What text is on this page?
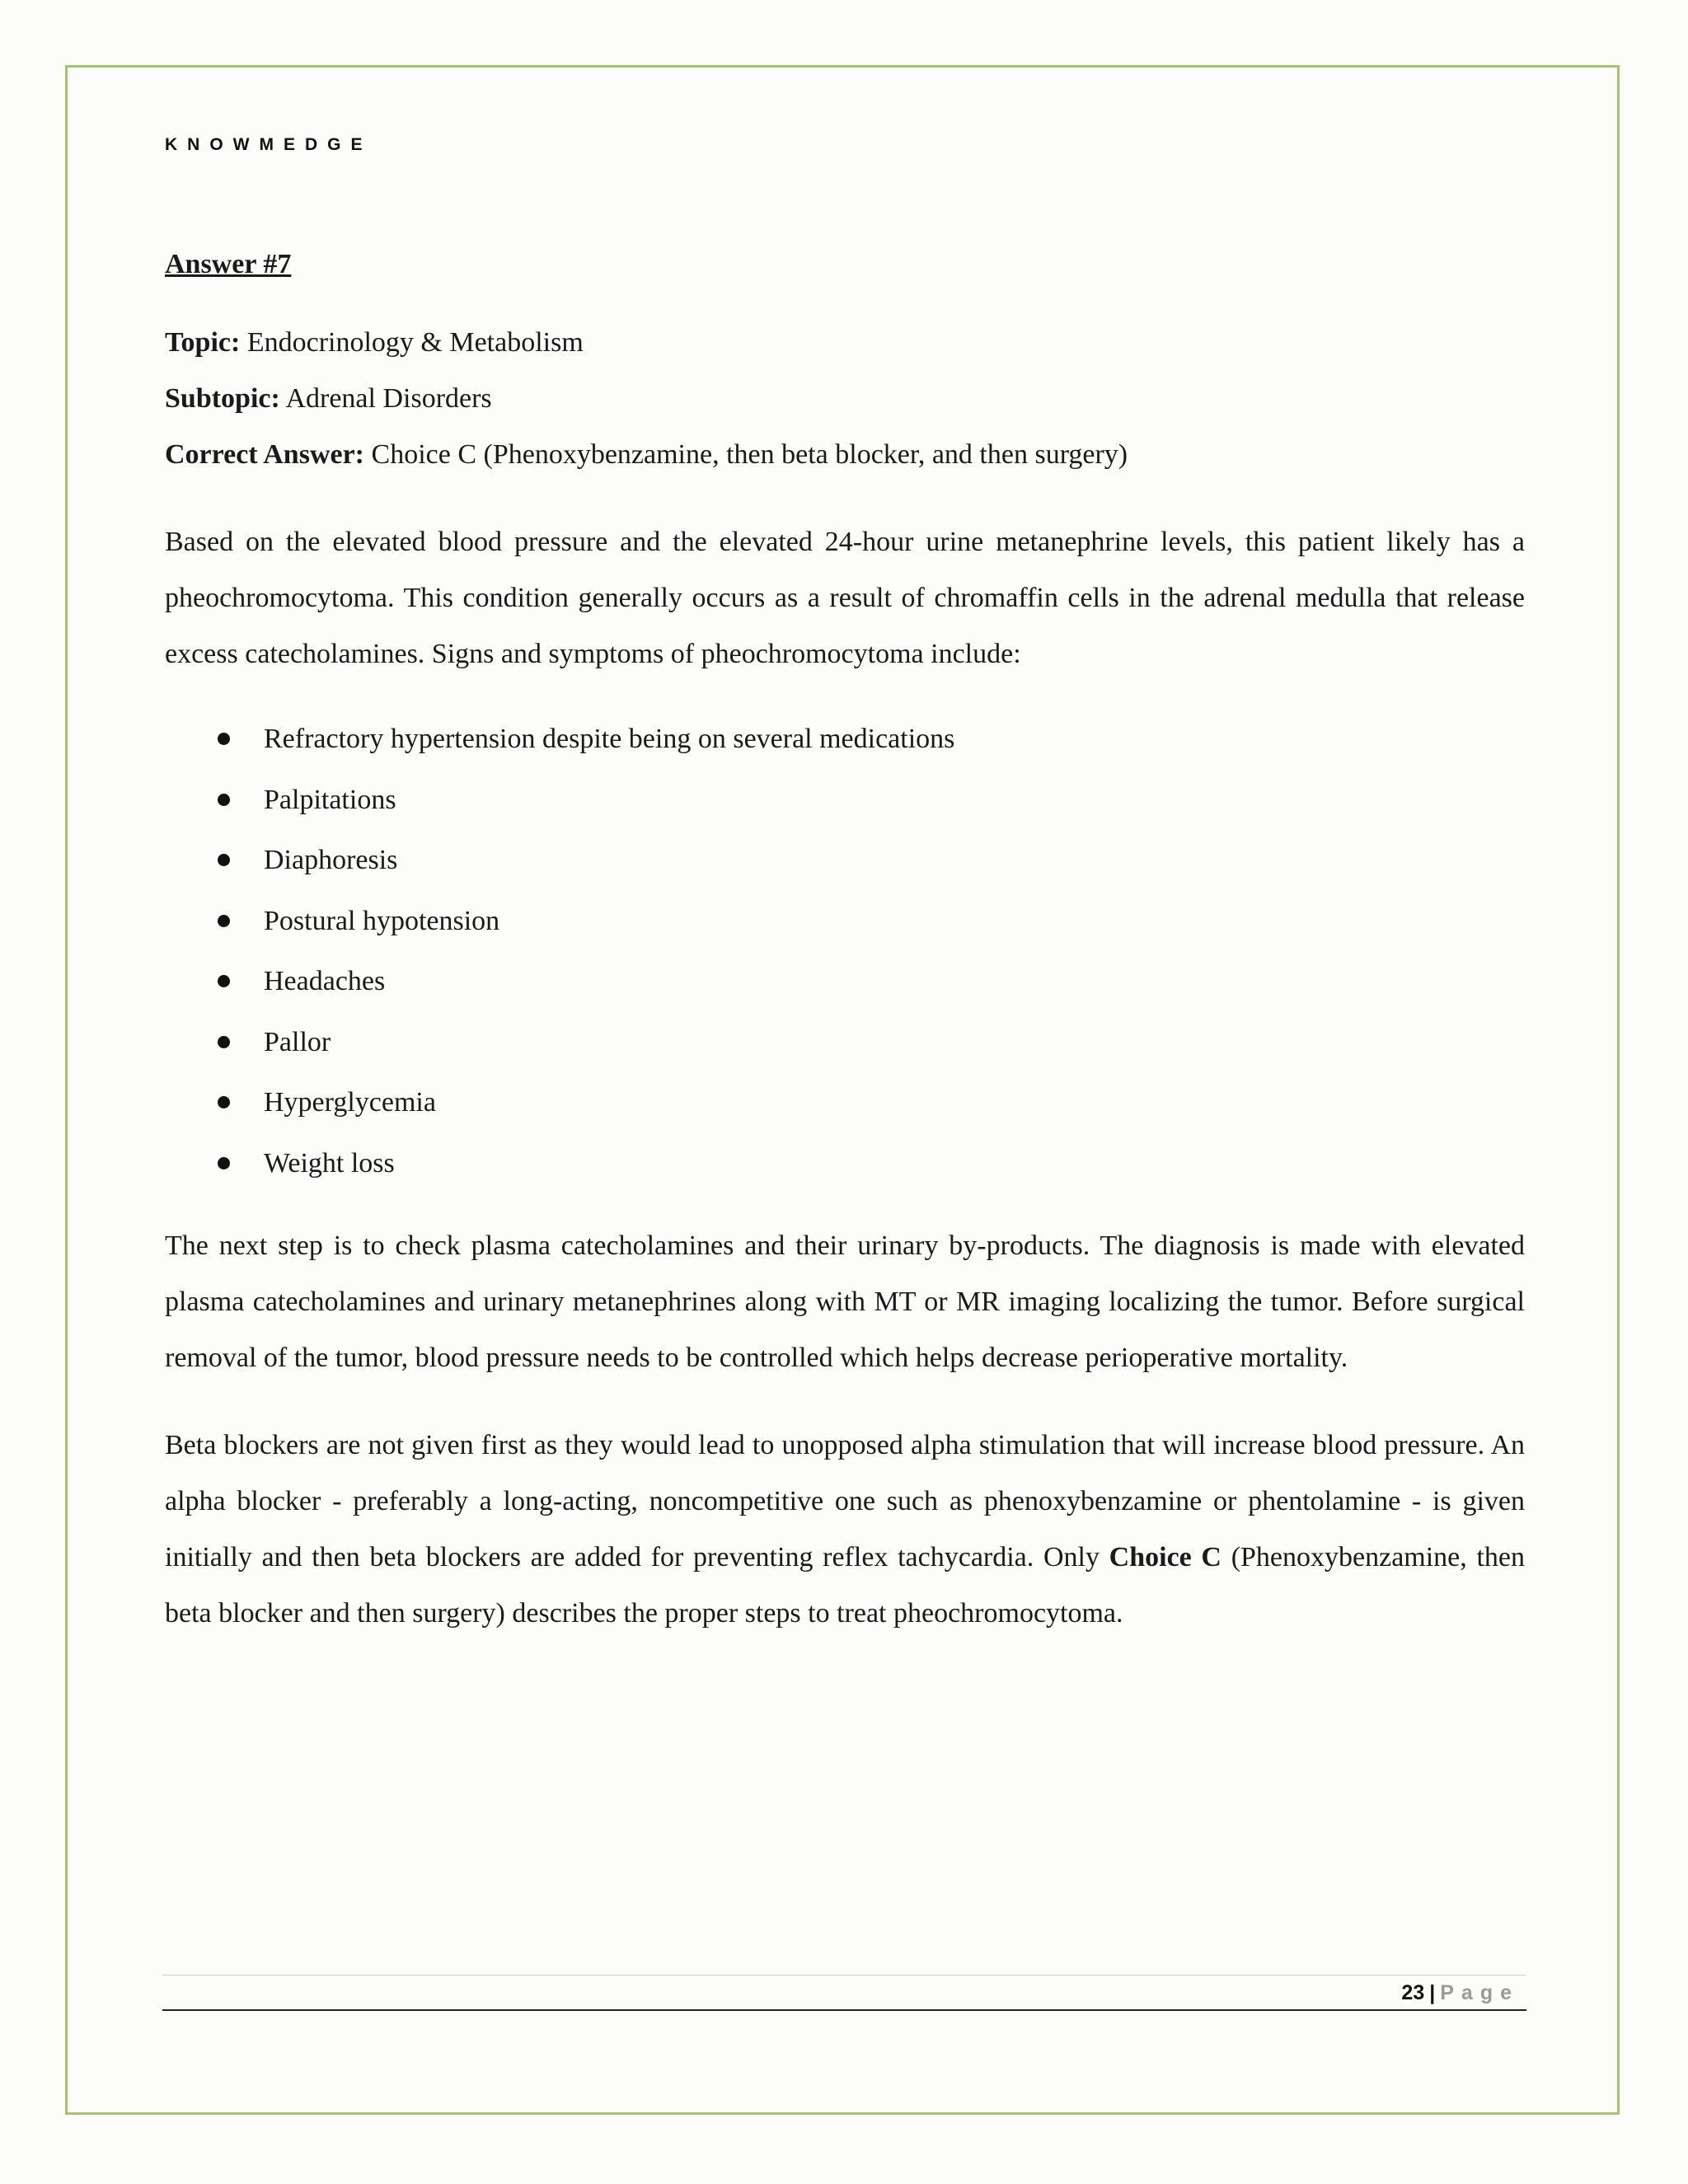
KNOWMEDGE

Answer #7

Topic: Endocrinology & Metabolism

Subtopic: Adrenal Disorders

Correct Answer: Choice C (Phenoxybenzamine, then beta blocker, and then surgery)

Based on the elevated blood pressure and the elevated 24-hour urine metanephrine levels, this patient likely has a pheochromocytoma. This condition generally occurs as a result of chromaffin cells in the adrenal medulla that release excess catecholamines. Signs and symptoms of pheochromocytoma include:

Refractory hypertension despite being on several medications
Palpitations
Diaphoresis
Postural hypotension
Headaches
Pallor
Hyperglycemia
Weight loss

The next step is to check plasma catecholamines and their urinary by-products. The diagnosis is made with elevated plasma catecholamines and urinary metanephrines along with MT or MR imaging localizing the tumor. Before surgical removal of the tumor, blood pressure needs to be controlled which helps decrease perioperative mortality.

Beta blockers are not given first as they would lead to unopposed alpha stimulation that will increase blood pressure. An alpha blocker - preferably a long-acting, noncompetitive one such as phenoxybenzamine or phentolamine - is given initially and then beta blockers are added for preventing reflex tachycardia. Only Choice C (Phenoxybenzamine, then beta blocker and then surgery) describes the proper steps to treat pheochromocytoma.

23 | Page
